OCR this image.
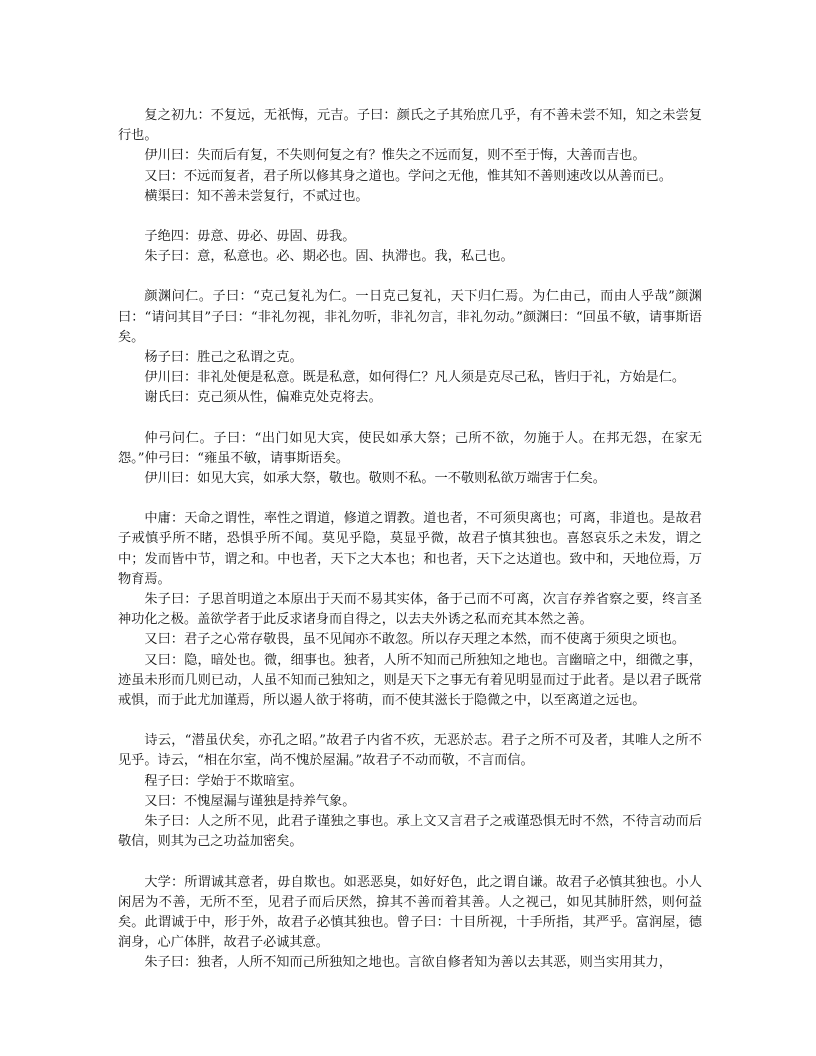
复之初九：不复远，无祇悔，元吉。子曰：颜氏之子其殆庶几乎，有不善未尝不知，知之未尝复行也。

伊川曰：失而后有复，不失则何复之有？惟失之不远而复，则不至于悔，大善而吉也。

又曰：不远而复者，君子所以修其身之道也。学问之无他，惟其知不善则速改以从善而已。

横渠曰：知不善未尝复行，不贰过也。

子绝四：毋意、毋必、毋固、毋我。

朱子曰：意，私意也。必、期必也。固、执滞也。我，私己也。

颜渊问仁。子曰：“克己复礼为仁。一日克己复礼，天下归仁焉。为仁由己，而由人乎哉”颜渊曰：“请问其目”子曰：“非礼勿视，非礼勿听，非礼勿言，非礼勿动。”颜渊曰：“回虽不敏，请事斯语矣。

杨子曰：胜己之私谓之克。

伊川曰：非礼处便是私意。既是私意，如何得仁？凡人须是克尽己私，皆归于礼，方始是仁。

谢氏曰：克己须从性，偏难克处克将去。

仲弓问仁。子曰：“出门如见大宾，使民如承大祭；己所不欲，勿施于人。在邦无怨，在家无怨。”仲弓曰：“雍虽不敏，请事斯语矣。

伊川曰：如见大宾，如承大祭，敬也。敬则不私。一不敬则私欲万端害于仁矣。

中庸：天命之谓性，率性之谓道，修道之谓教。道也者，不可须臾离也；可离，非道也。是故君子戒慎乎所不睹，恐惧乎所不闻。莫见乎隐，莫显乎微，故君子慎其独也。喜怒哀乐之未发，谓之中；发而皆中节，谓之和。中也者，天下之大本也；和也者，天下之达道也。致中和，天地位焉，万物育焉。

朱子曰：子思首明道之本原出于天而不易其实体，备于己而不可离，次言存养省察之要，终言圣神功化之极。盖欲学者于此反求诸身而自得之，以去夫外诱之私而充其本然之善。

又曰：君子之心常存敬畏，虽不见闻亦不敢忽。所以存天理之本然，而不使离于须臾之顷也。

又曰：隐，暗处也。微，细事也。独者，人所不知而己所独知之地也。言幽暗之中，细微之事，迹虽未形而几则已动，人虽不知而己独知之，则是天下之事无有着见明显而过于此者。是以君子既常戒惧，而于此尤加谨焉，所以遏人欲于将萌，而不使其滋长于隐微之中，以至离道之远也。

诗云，“潜虽伏矣，亦孔之昭。”故君子内省不疚，无恶於志。君子之所不可及者，其唯人之所不见乎。诗云，“相在尔室，尚不愧於屋漏。”故君子不动而敬，不言而信。

程子曰：学始于不欺暗室。

又曰：不愧屋漏与谨独是持养气象。

朱子曰：人之所不见，此君子谨独之事也。承上文又言君子之戒谨恐惧无时不然，不待言动而后敬信，则其为己之功益加密矣。

大学：所谓诚其意者，毋自欺也。如恶恶臭，如好好色，此之谓自谦。故君子必慎其独也。小人闲居为不善，无所不至，见君子而后厌然，揜其不善而着其善。人之视己，如见其肺肝然，则何益矣。此谓诚于中，形于外，故君子必慎其独也。曾子曰：十目所视，十手所指，其严乎。富润屋，德润身，心广体胖，故君子必诚其意。

朱子曰：独者，人所不知而己所独知之地也。言欲自修者知为善以去其恶，则当实用其力，
